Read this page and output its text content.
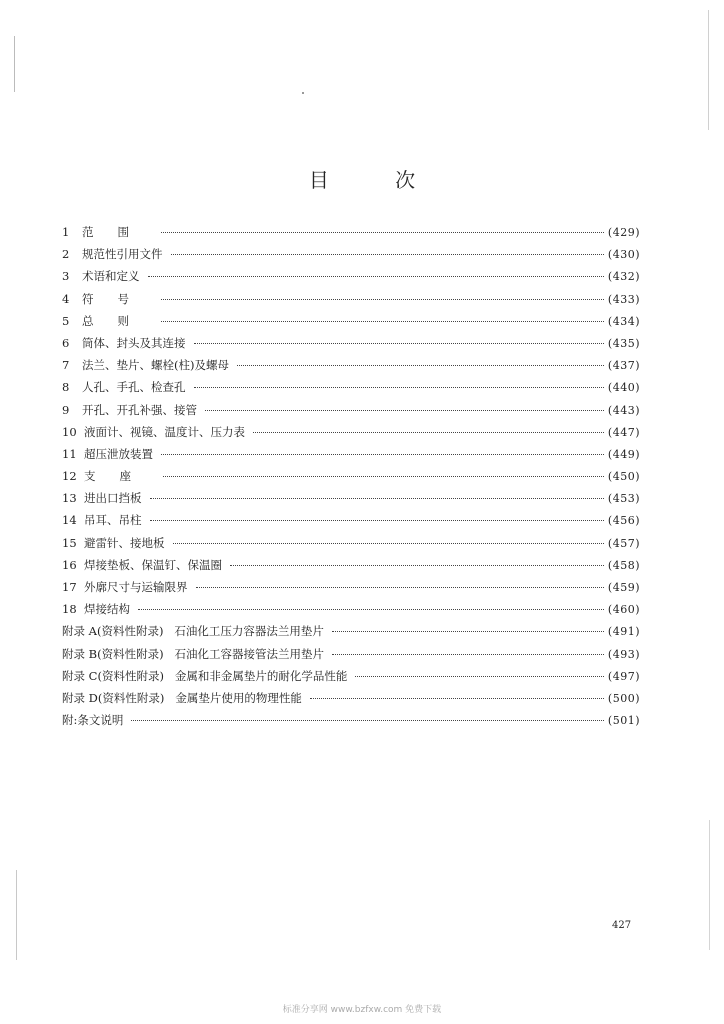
目 次
1	范围	(429)
2	规范性引用文件	(430)
3	术语和定义	(432)
4	符号	(433)
5	总则	(434)
6	筒体、封头及其连接	(435)
7	法兰、垫片、螺栓(柱)及螺母	(437)
8	人孔、手孔、检查孔	(440)
9	开孔、开孔补强、接管	(443)
10 液面计、视镜、温度计、压力表	(447)
11 超压泄放装置	(449)
12 支座	(450)
13 进出口挡板	(453)
14 吊耳、吊柱	(456)
15 避雷针、接地板	(457)
16 焊接垫板、保温钉、保温圈	(458)
17 外廓尺寸与运输限界	(459)
18 焊接结构	(460)
附录 A(资料性附录)   石油化工压力容器法兰用垫片	(491)
附录 B(资料性附录)   石油化工容器接管法兰用垫片	(493)
附录 C(资料性附录)   金属和非金属垫片的耐化学品性能	(497)
附录 D(资料性附录)   金属垫片使用的物理性能	(500)
附:条文说明	(501)
427
标准分享网 www.bzfxw.com 免费下载
